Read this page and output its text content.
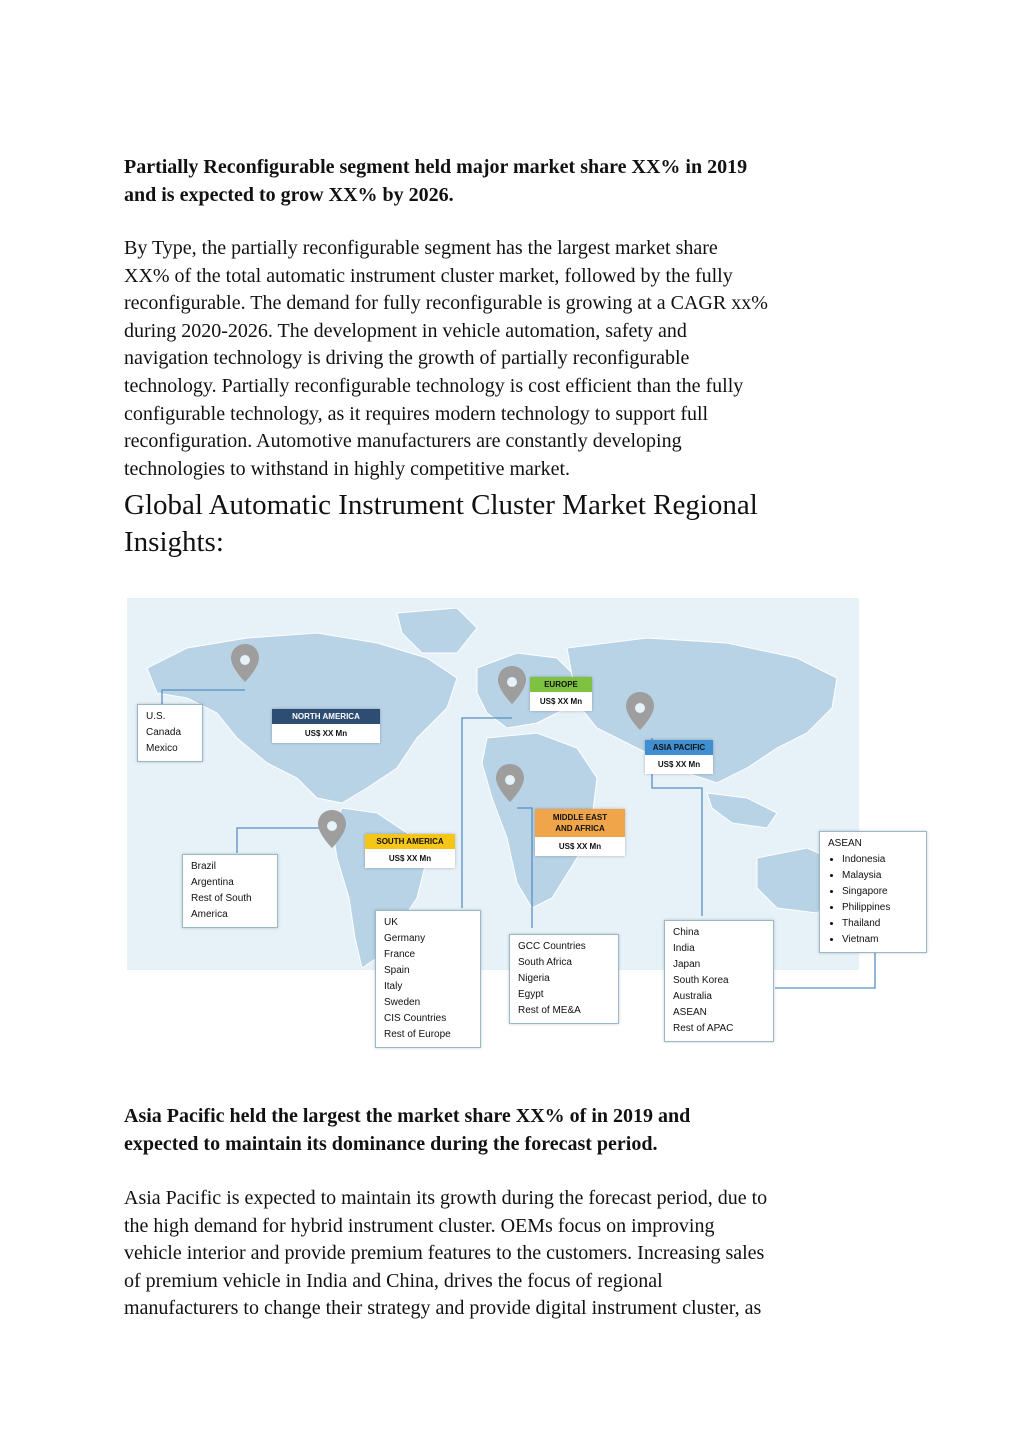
Partially Reconfigurable segment held major market share XX% in 2019

and is expected to grow XX% by 2026.

By Type, the partially reconfigurable segment has the largest market share

XX% of the total automatic instrument cluster market, followed by the fully

reconfigurable. The demand for fully reconfigurable is growing at a CAGR xx%

during 2020-2026. The development in vehicle automation, safety and

navigation technology is driving the growth of partially reconfigurable

technology. Partially reconfigurable technology is cost efficient than the fully

configurable technology, as it requires modern technology to support full

reconfiguration. Automotive manufacturers are constantly developing

technologies to withstand in highly competitive market.

Global Automatic Instrument Cluster Market Regional

Insights:

NORTH AMERICA
US$ XX Mn
EUROPE
US$ XX Mn
ASIA PACIFIC
US$ XX Mn
MIDDLE EAST
AND AFRICA
US$ XX Mn
SOUTH AMERICA
US$ XX Mn
U.S.
Canada
Mexico
Brazil
Argentina
Rest of South
America
UK
Germany
France
Spain
Italy
Sweden
CIS Countries
Rest of Europe
GCC Countries
South Africa
Nigeria
Egypt
Rest of ME&A
China
India
Japan
South Korea
Australia
ASEAN
Rest of APAC
ASEAN
• Indonesia
• Malaysia
• Singapore
• Philippines
• Thailand
• Vietnam

Asia Pacific held the largest the market share XX% of in 2019 and

expected to maintain its dominance during the forecast period.

Asia Pacific is expected to maintain its growth during the forecast period, due to

the high demand for hybrid instrument cluster. OEMs focus on improving

vehicle interior and provide premium features to the customers. Increasing sales

of premium vehicle in India and China, drives the focus of regional

manufacturers to change their strategy and provide digital instrument cluster, as
